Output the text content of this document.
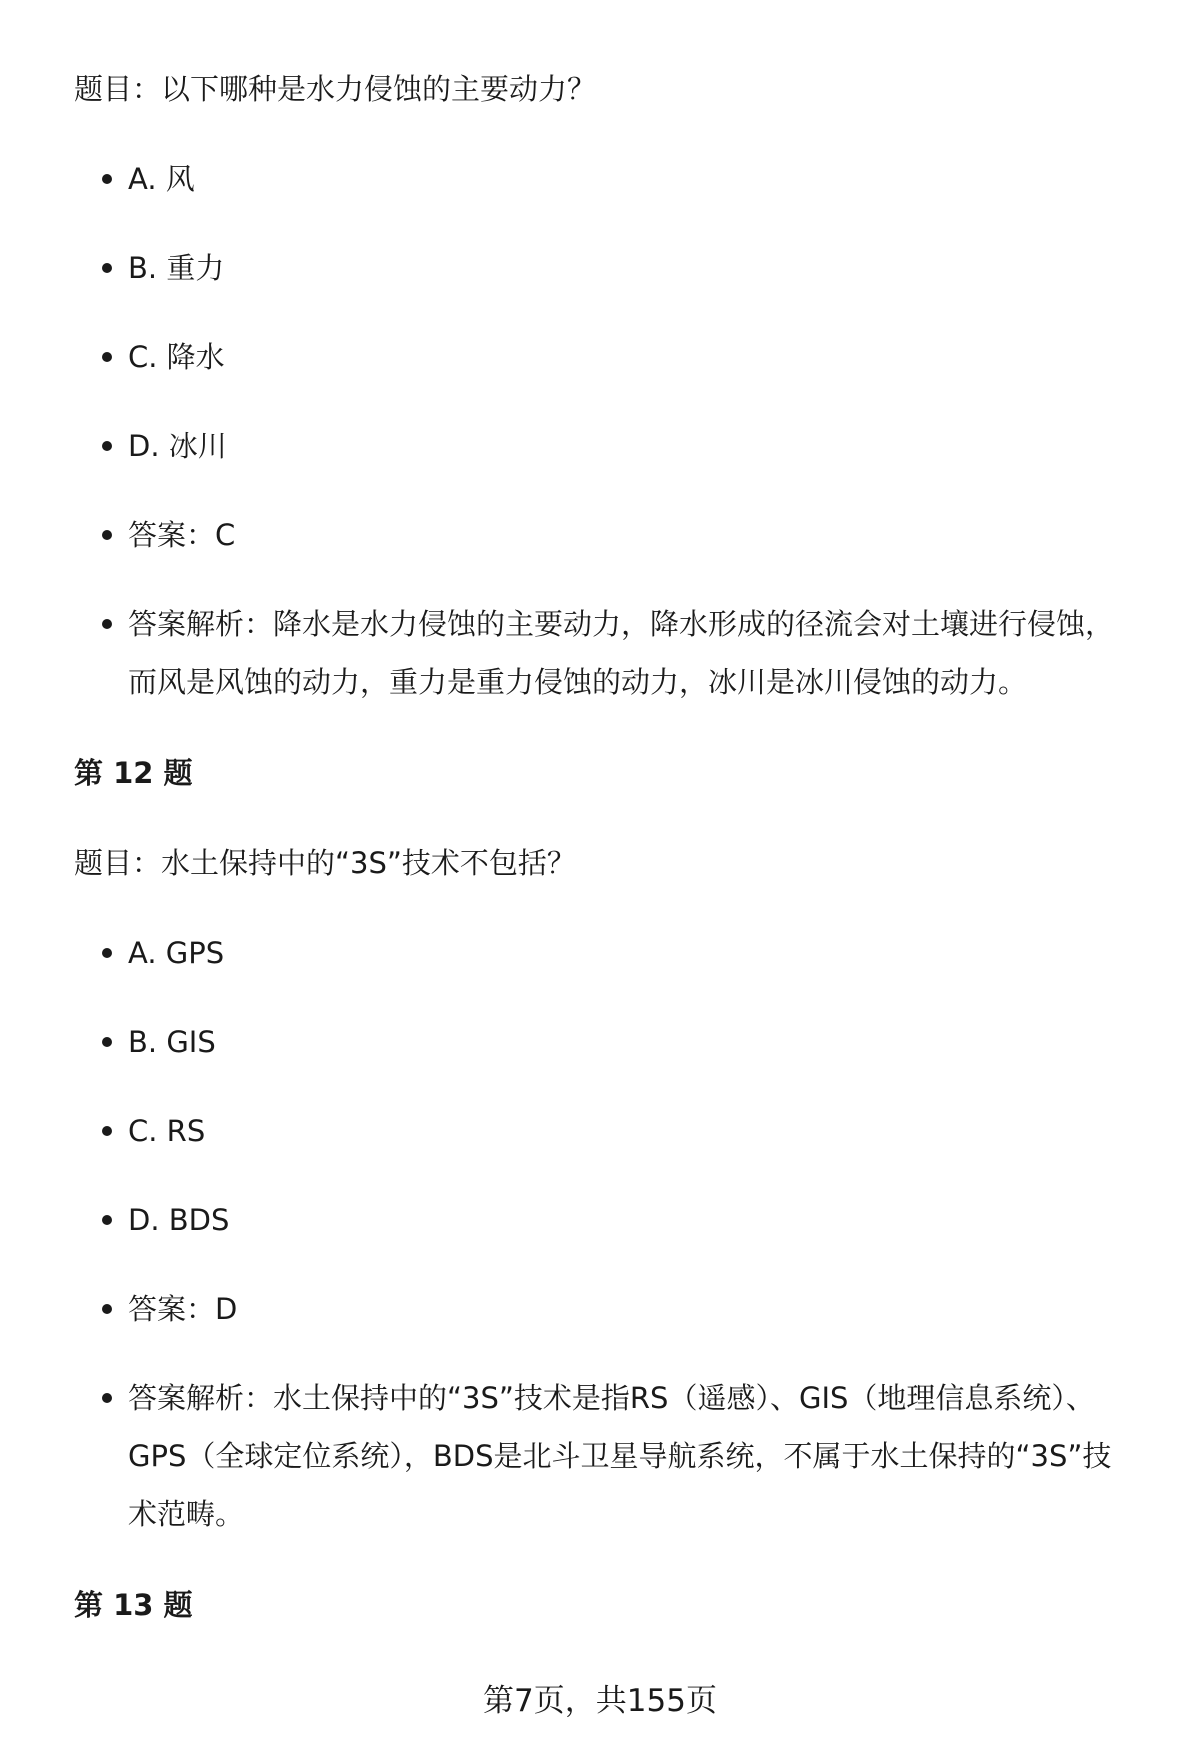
题目：以下哪种是水力侵蚀的主要动力？
A. 风
B. 重力
C. 降水
D. 冰川
答案：C
答案解析：降水是水力侵蚀的主要动力，降水形成的径流会对土壤进行侵蚀，而风是风蚀的动力，重力是重力侵蚀的动力，冰川是冰川侵蚀的动力。
第 12 题
题目：水土保持中的“3S”技术不包括？
A. GPS
B. GIS
C. RS
D. BDS
答案：D
答案解析：水土保持中的“3S”技术是指RS（遥感）、GIS（地理信息系统）、GPS（全球定位系统），BDS是北斗卫星导航系统，不属于水土保持的“3S”技术范畴。
第 13 题
第7页，共155页
